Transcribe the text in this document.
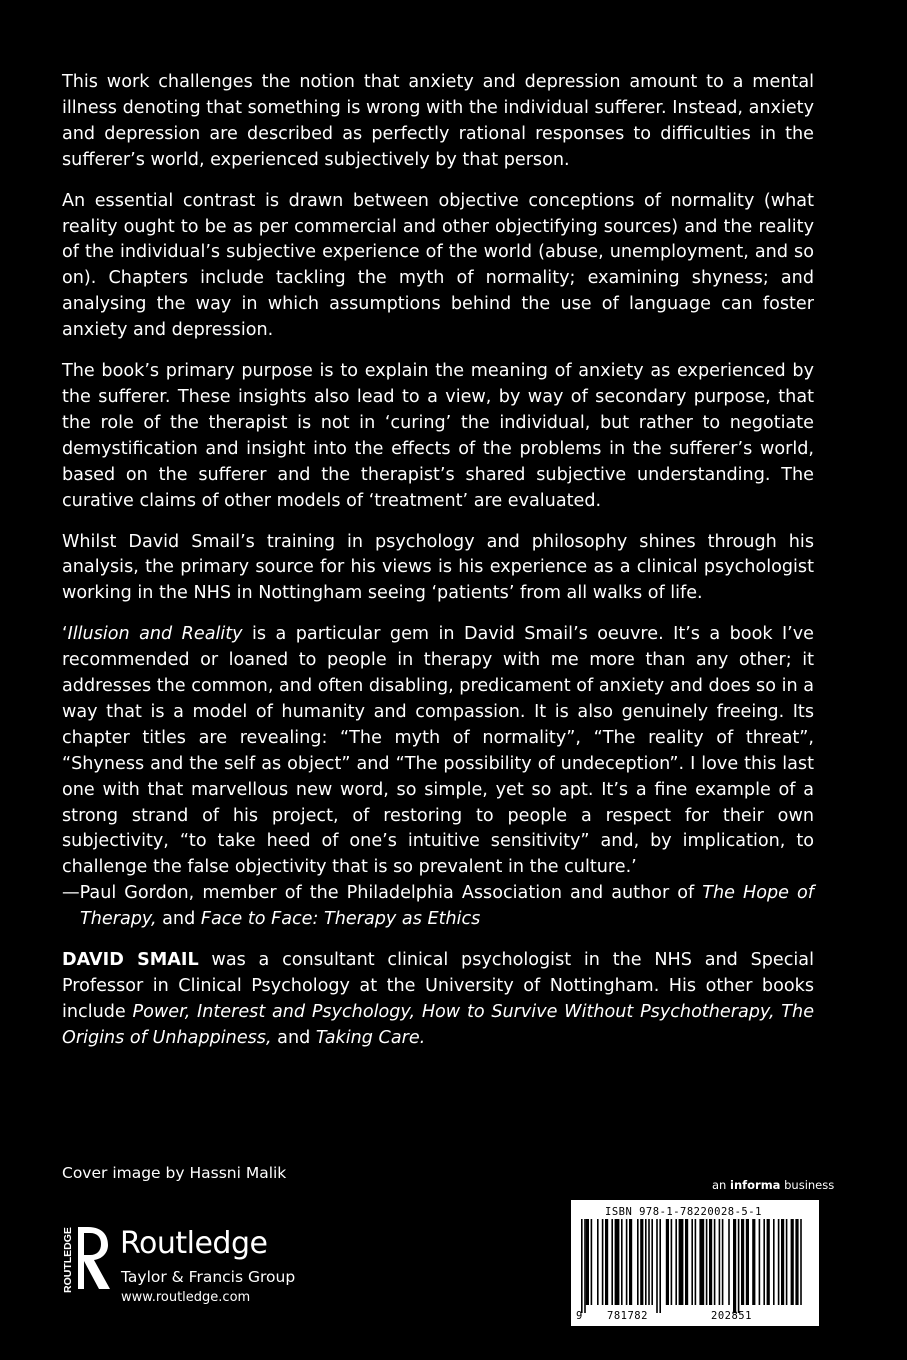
This work challenges the notion that anxiety and depression amount to a mental illness denoting that something is wrong with the individual sufferer. Instead, anxiety and depression are described as perfectly rational responses to difficulties in the sufferer’s world, experienced subjectively by that person.

An essential contrast is drawn between objective conceptions of normality (what reality ought to be as per commercial and other objectifying sources) and the reality of the individual’s subjective experience of the world (abuse, unemployment, and so on). Chapters include tackling the myth of normality; examining shyness; and analysing the way in which assumptions behind the use of language can foster anxiety and depression.

The book’s primary purpose is to explain the meaning of anxiety as experienced by the sufferer. These insights also lead to a view, by way of secondary purpose, that the role of the therapist is not in ‘curing’ the individual, but rather to negotiate demystification and insight into the effects of the problems in the sufferer’s world, based on the sufferer and the therapist’s shared subjective understanding. The curative claims of other models of ‘treatment’ are evaluated.

Whilst David Smail’s training in psychology and philosophy shines through his analysis, the primary source for his views is his experience as a clinical psychologist working in the NHS in Nottingham seeing ‘patients’ from all walks of life.

‘Illusion and Reality is a particular gem in David Smail’s oeuvre. It’s a book I’ve recommended or loaned to people in therapy with me more than any other; it addresses the common, and often disabling, predicament of anxiety and does so in a way that is a model of humanity and compassion. It is also genuinely freeing. Its chapter titles are revealing: “The myth of normality”, “The reality of threat”, “Shyness and the self as object” and “The possibility of undeception”. I love this last one with that marvellous new word, so simple, yet so apt. It’s a fine example of a strong strand of his project, of restoring to people a respect for their own subjectivity, “to take heed of one’s intuitive sensitivity” and, by implication, to challenge the false objectivity that is so prevalent in the culture.’

—Paul Gordon, member of the Philadelphia Association and author of The Hope of Therapy, and Face to Face: Therapy as Ethics

DAVID SMAIL was a consultant clinical psychologist in the NHS and Special Professor in Clinical Psychology at the University of Nottingham. His other books include Power, Interest and Psychology, How to Survive Without Psychotherapy, The Origins of Unhappiness, and Taking Care.

Cover image by Hassni Malik
an informa business
ROUTLEDGE Routledge
Taylor & Francis Group
www.routledge.com
ISBN 978-1-78220028-5-1
9 781782	202851
